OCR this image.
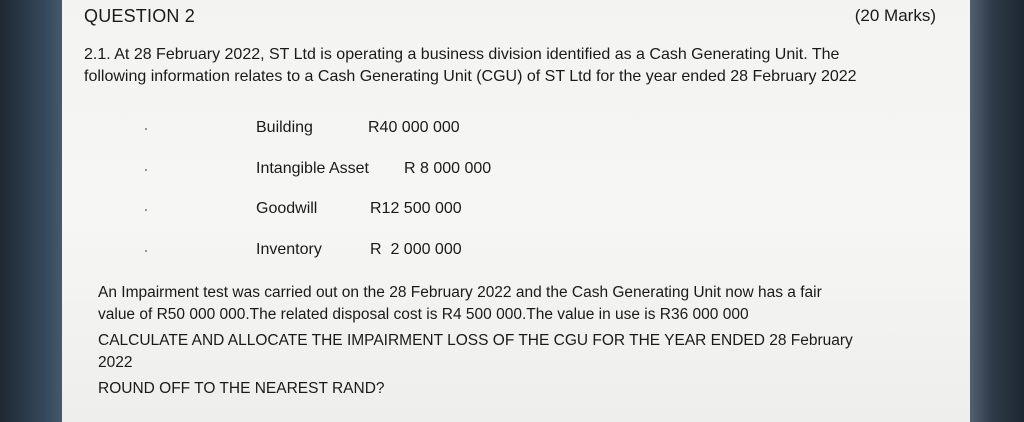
QUESTION 2	(20 Marks)
2.1. At 28 February 2022, ST Ltd is operating a business division identified as a Cash Generating Unit. The following information relates to a Cash Generating Unit (CGU) of ST Ltd for the year ended 28 February 2022
Building	R40 000 000
Intangible Asset R 8 000 000
Goodwill	R12 500 000
Inventory	R  2 000 000

An Impairment test was carried out on the 28 February 2022 and the Cash Generating Unit now has a fair value of R50 000 000.The related disposal cost is R4 500 000.The value in use is R36 000 000

CALCULATE AND ALLOCATE THE IMPAIRMENT LOSS OF THE CGU FOR THE YEAR ENDED 28 February 2022

ROUND OFF TO THE NEAREST RAND?
